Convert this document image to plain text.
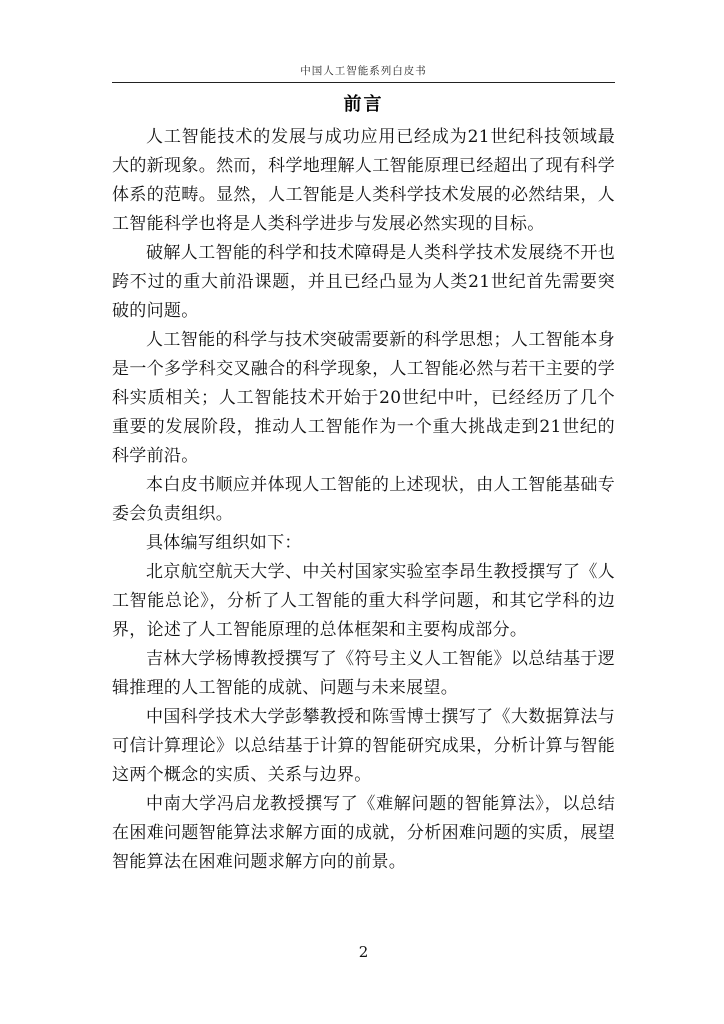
中国人工智能系列白皮书
前言

人工智能技术的发展与成功应用已经成为21世纪科技领域最大的新现象。然而，科学地理解人工智能原理已经超出了现有科学体系的范畴。显然，人工智能是人类科学技术发展的必然结果，人工智能科学也将是人类科学进步与发展必然实现的目标。

破解人工智能的科学和技术障碍是人类科学技术发展绕不开也跨不过的重大前沿课题，并且已经凸显为人类21世纪首先需要突破的问题。

人工智能的科学与技术突破需要新的科学思想；人工智能本身是一个多学科交叉融合的科学现象，人工智能必然与若干主要的学科实质相关；人工智能技术开始于20世纪中叶，已经经历了几个重要的发展阶段，推动人工智能作为一个重大挑战走到21世纪的科学前沿。

本白皮书顺应并体现人工智能的上述现状，由人工智能基础专委会负责组织。

具体编写组织如下：

北京航空航天大学、中关村国家实验室李昂生教授撰写了《人工智能总论》，分析了人工智能的重大科学问题，和其它学科的边界，论述了人工智能原理的总体框架和主要构成部分。

吉林大学杨博教授撰写了《符号主义人工智能》以总结基于逻辑推理的人工智能的成就、问题与未来展望。

中国科学技术大学彭攀教授和陈雪博士撰写了《大数据算法与可信计算理论》以总结基于计算的智能研究成果，分析计算与智能这两个概念的实质、关系与边界。

中南大学冯启龙教授撰写了《难解问题的智能算法》，以总结在困难问题智能算法求解方面的成就，分析困难问题的实质，展望智能算法在困难问题求解方向的前景。

2
